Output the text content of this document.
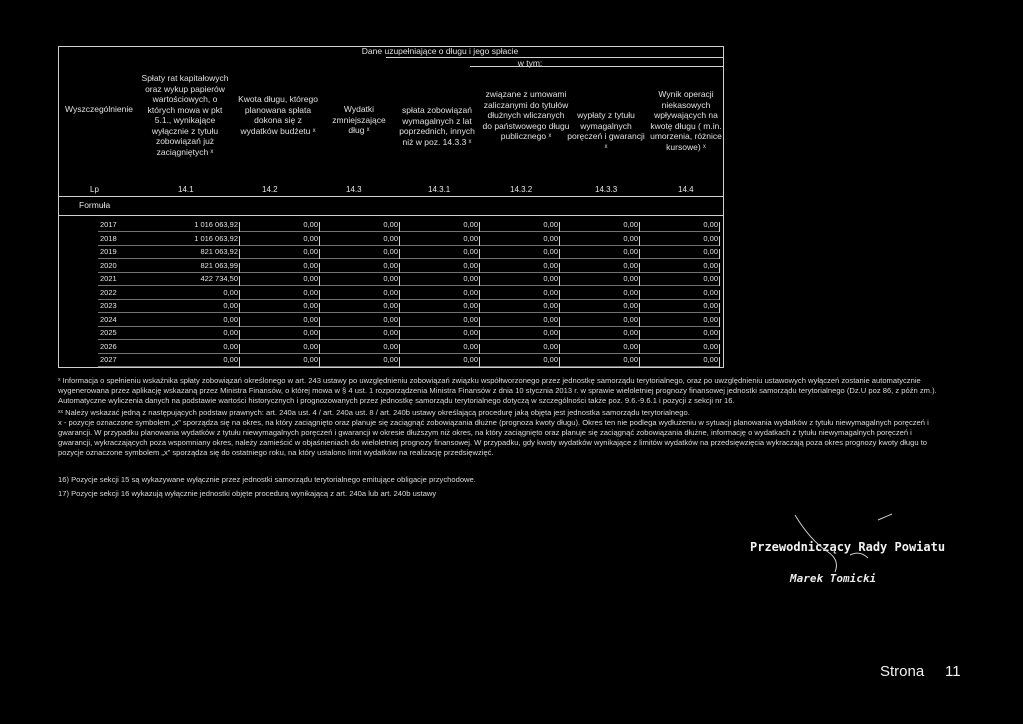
Dane uzupełniające o długu i jego spłacie
w tym:
Wyszczególnienie
Spłaty rat kapitałowych oraz wykup papierów wartościowych, o których mowa w pkt 5.1., wynikające wyłącznie z tytułu zobowiązań już zaciągniętych ˣ
Kwota długu, którego planowana spłata dokona się z wydatków budżetu ˣ
Wydatki zmniejszające dług ˣ
spłata zobowiązań wymagalnych z lat poprzednich, innych niż w poz. 14.3.3 ˣ
związane z umowami zaliczanymi do tytułów dłużnych wliczanych do państwowego długu publicznego ˣ
wypłaty z tytułu wymagalnych poręczeń i gwarancji ˣ
Wynik operacji niekasowych wpływających na kwotę długu ( m.in. umorzenia, różnice kursowe) ˣ
Lp	14.1	14.2	14.3	14.3.1	14.3.2	14.3.3	14.4
Formuła
2017	1 016 063,92	0,00	0,00	0,00	0,00	0,00	0,00
2018	1 016 063,92	0,00	0,00	0,00	0,00	0,00	0,00
2019	821 063,92	0,00	0,00	0,00	0,00	0,00	0,00
2020	821 063,99	0,00	0,00	0,00	0,00	0,00	0,00
2021	422 734,50	0,00	0,00	0,00	0,00	0,00	0,00
2022	0,00	0,00	0,00	0,00	0,00	0,00	0,00
2023	0,00	0,00	0,00	0,00	0,00	0,00	0,00
2024	0,00	0,00	0,00	0,00	0,00	0,00	0,00
2025	0,00	0,00	0,00	0,00	0,00	0,00	0,00
2026	0,00	0,00	0,00	0,00	0,00	0,00	0,00
2027	0,00	0,00	0,00	0,00	0,00	0,00	0,00
ˣ Informacja o spełnieniu wskaźnika spłaty zobowiązań określonego w art. 243 ustawy po uwzględnieniu zobowiązań związku współtworzonego przez jednostkę samorządu terytorialnego, oraz po uwzględnieniu ustawowych wyłączeń zostanie automatycznie wygenerowana przez aplikację wskazaną przez Ministra Finansów, o której mowa w § 4 ust. 1 rozporządzenia Ministra Finansów z dnia 10 stycznia 2013 r. w sprawie wieloletniej prognozy finansowej jednostki samorządu terytorialnego (Dz.U poz 86, z późn zm.). Automatyczne wyliczenia danych na podstawie wartości historycznych i prognozowanych przez jednostkę samorządu terytorialnego dotyczą w szczególności także poz. 9.6.-9.6.1 i pozycji z sekcji nr 16.
ˣˣ Należy wskazać jedną z następujących podstaw prawnych: art. 240a ust. 4 / art. 240a ust. 8 / art. 240b ustawy określającą procedurę jaką objęta jest jednostka samorządu terytorialnego.
x - pozycje oznaczone symbolem „x” sporządza się na okres, na który zaciągnięto oraz planuje się zaciągnąć zobowiązania dłużne (prognoza kwoty długu). Okres ten nie podlega wydłużeniu w sytuacji planowania wydatków z tytułu niewymagalnych poręczeń i gwarancji. W przypadku planowania wydatków z tytułu niewymagalnych poręczeń i gwarancji w okresie dłuższym niż okres, na który zaciągnięto oraz planuje się zaciągnąć zobowiązania dłużne, informację o wydatkach z tytułu niewymagalnych poręczeń i gwarancji, wykraczających poza wspomniany okres, należy zamieścić w objaśnieniach do wieloletniej prognozy finansowej. W przypadku, gdy kwoty wydatków wynikające z limitów wydatków na przedsięwzięcia wykraczają poza okres prognozy kwoty długu to pozycje oznaczone symbolem „x” sporządza się do ostatniego roku, na który ustalono limit wydatków na realizację przedsięwzięć.
16) Pozycje sekcji 15 są wykazywane wyłącznie przez jednostki samorządu terytorialnego emitujące obligacje przychodowe.
17) Pozycje sekcji 16 wykazują wyłącznie jednostki objęte procedurą wynikającą z art. 240a lub art. 240b ustawy
Przewodniczący Rady Powiatu
Marek Tomicki
Strona 11
